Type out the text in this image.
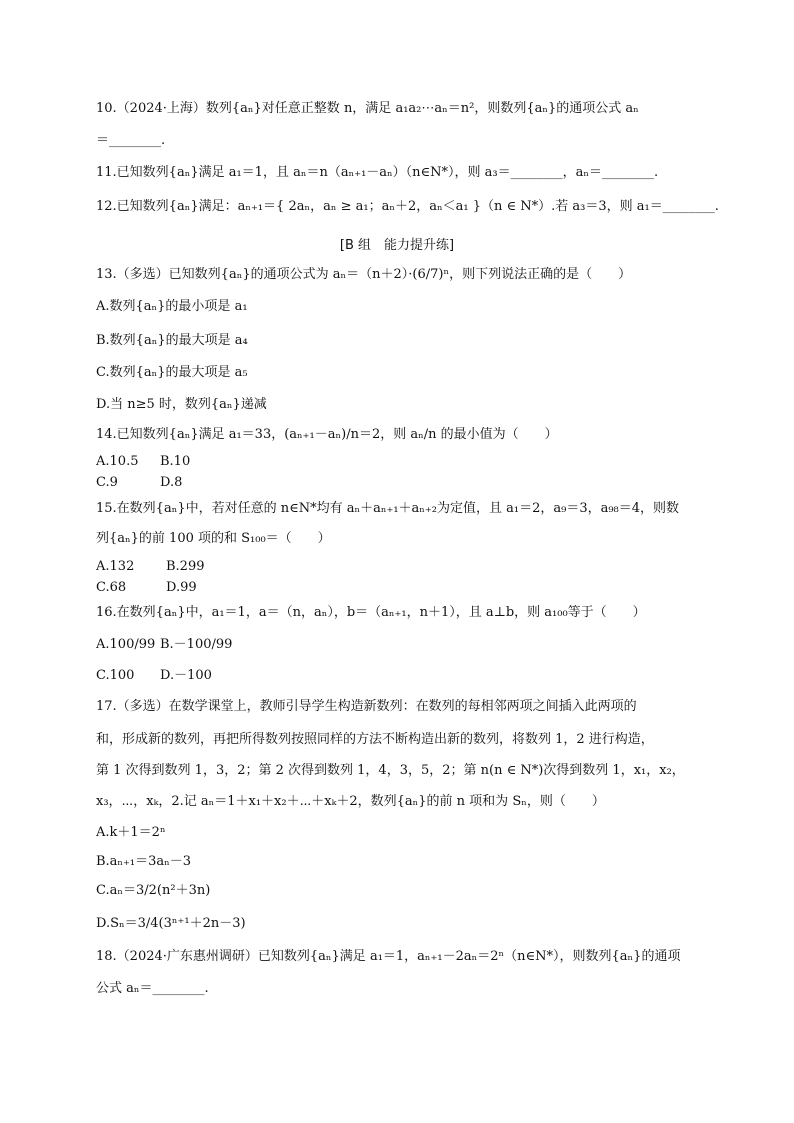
10.（2024·上海）数列{aₙ}对任意正整数 n，满足 a₁a₂⋯aₙ＝n²，则数列{aₙ}的通项公式 aₙ
＝________.
11.已知数列{aₙ}满足 a₁＝1，且 aₙ＝n（aₙ₊₁－aₙ）（n∈N*），则 a₃＝________，aₙ＝________.
12.已知数列{aₙ}满足：aₙ₊₁＝{ 2aₙ，aₙ ≥ a₁；aₙ＋2，aₙ＜a₁ }（n ∈ N*）.若 a₃＝3，则 a₁＝________.
[B 组　能力提升练]
13.（多选）已知数列{aₙ}的通项公式为 aₙ＝（n＋2）·(6/7)ⁿ，则下列说法正确的是（　　）
A.数列{aₙ}的最小项是 a₁
B.数列{aₙ}的最大项是 a₄
C.数列{aₙ}的最大项是 a₅
D.当 n≥5 时，数列{aₙ}递减
14.已知数列{aₙ}满足 a₁＝33，(aₙ₊₁－aₙ)/n＝2，则 aₙ/n 的最小值为（　　）
A.10.5 B.10
C.9	D.8
15.在数列{aₙ}中，若对任意的 n∈N*均有 aₙ＋aₙ₊₁＋aₙ₊₂为定值，且 a₁＝2，a₉＝3，a₉₈＝4，则数
列{aₙ}的前 100 项的和 S₁₀₀＝（　　）
A.132 B.299
C.68	D.99
16.在数列{aₙ}中，a₁＝1，a＝（n，aₙ），b＝（aₙ₊₁，n＋1），且 a⊥b，则 a₁₀₀等于（　　）
A.100/99 B.－100/99
C.100 D.－100
17.（多选）在数学课堂上，教师引导学生构造新数列：在数列的每相邻两项之间插入此两项的
和，形成新的数列，再把所得数列按照同样的方法不断构造出新的数列，将数列 1，2 进行构造，
第 1 次得到数列 1，3，2；第 2 次得到数列 1，4，3，5，2；第 n(n ∈ N*)次得到数列 1，x₁，x₂，
x₃，⋯，xₖ，2.记 aₙ＝1＋x₁＋x₂＋⋯＋xₖ＋2，数列{aₙ}的前 n 项和为 Sₙ，则（　　）
A.k＋1＝2ⁿ
B.aₙ₊₁＝3aₙ－3
C.aₙ＝3/2(n²＋3n)
D.Sₙ＝3/4(3ⁿ⁺¹＋2n－3)
18.（2024·广东惠州调研）已知数列{aₙ}满足 a₁＝1，aₙ₊₁－2aₙ＝2ⁿ（n∈N*），则数列{aₙ}的通项
公式 aₙ＝________.
